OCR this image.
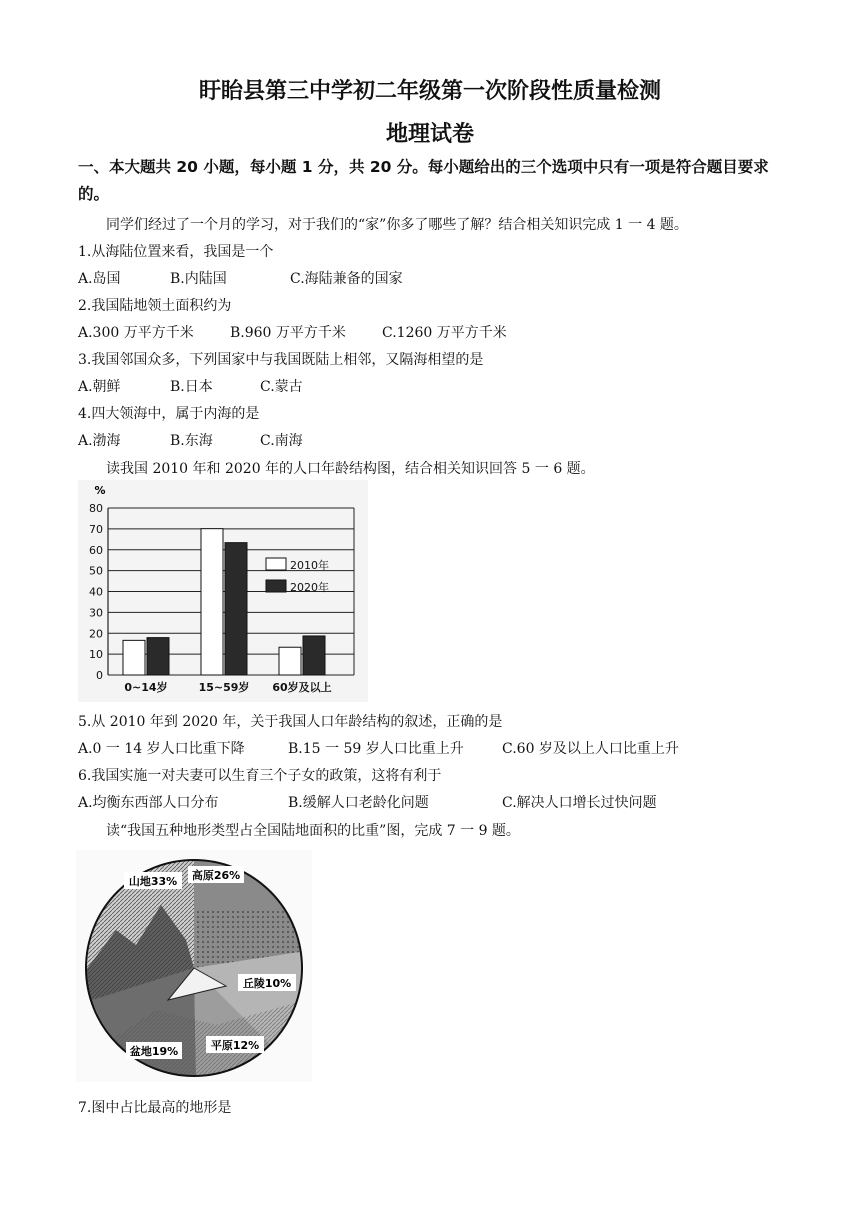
盱眙县第三中学初二年级第一次阶段性质量检测
地理试卷
一、本大题共 20 小题，每小题 1 分，共 20 分。每小题给出的三个选项中只有一项是符合题目要求的。
同学们经过了一个月的学习，对于我们的“家”你多了哪些了解？结合相关知识完成 1 一 4 题。
1.从海陆位置来看，我国是一个
A.岛国	B.内陆国	C.海陆兼备的国家
2.我国陆地领土面积约为
A.300 万平方千米	B.960 万平方千米	C.1260 万平方千米
3.我国邻国众多，下列国家中与我国既陆上相邻，又隔海相望的是
A.朝鲜	B.日本	C.蒙古
4.四大领海中，属于内海的是
A.渤海	B.东海	C.南海
读我国 2010 年和 2020 年的人口年龄结构图，结合相关知识回答 5 一 6 题。
%
0
10
20
30
40
50
60
70
80
0~14岁	15~59岁 60岁及以上
2010年
2020年
5.从 2010 年到 2020 年，关于我国人口年龄结构的叙述，正确的是
A.0 一 14 岁人口比重下降	B.15 一 59 岁人口比重上升	C.60 岁及以上人口比重上升
6.我国实施一对夫妻可以生育三个子女的政策，这将有利于
A.均衡东西部人口分布	B.缓解人口老龄化问题	C.解决人口增长过快问题
读“我国五种地形类型占全国陆地面积的比重”图，完成 7 一 9 题。
山地33% 高原26%
丘陵10%
平原12%
盆地19%
7.图中占比最高的地形是
